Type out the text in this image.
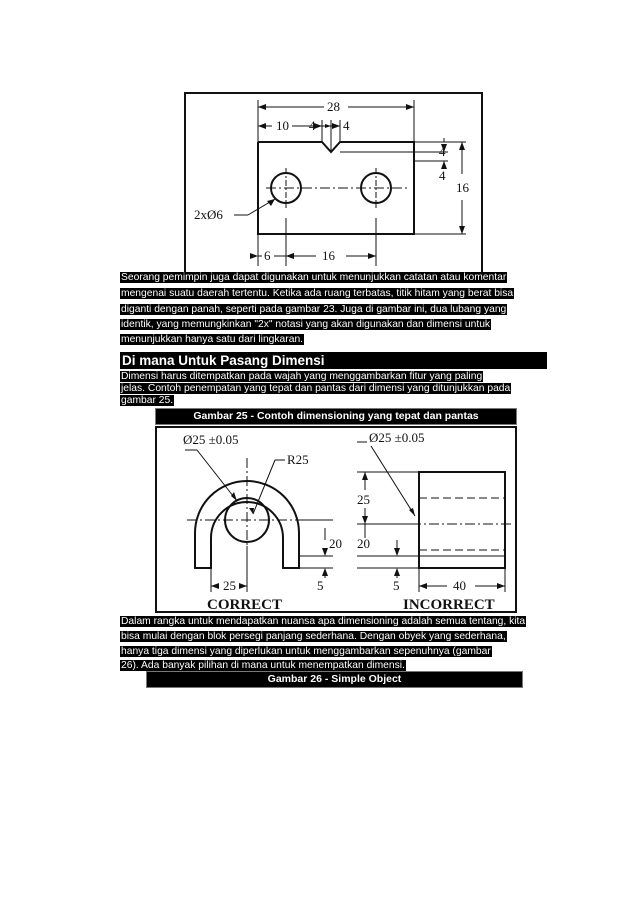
28
10 4 4
4
4
16
2xØ6
6	16
Seorang pemimpin juga dapat digunakan untuk menunjukkan catatan atau komentar
mengenai suatu daerah tertentu. Ketika ada ruang terbatas, titik hitam yang berat bisa
diganti dengan panah, seperti pada gambar 23. Juga di gambar ini, dua lubang yang
identik, yang memungkinkan "2x" notasi yang akan digunakan dan dimensi untuk
menunjukkan hanya satu dari lingkaran.
Di mana Untuk Pasang Dimensi
Dimensi harus ditempatkan pada wajah yang menggambarkan fitur yang paling
jelas. Contoh penempatan yang tepat dan pantas dari dimensi yang ditunjukkan pada
gambar 25.
Gambar 25 - Contoh dimensioning yang tepat dan pantas
Ø25 ±0.05
R25
20
5
25
CORRECT
Ø25 ±0.05
25
20
5	40
INCORRECT
Dalam rangka untuk mendapatkan nuansa apa dimensioning adalah semua tentang, kita
bisa mulai dengan blok persegi panjang sederhana. Dengan obyek yang sederhana,
hanya tiga dimensi yang diperlukan untuk menggambarkan sepenuhnya (gambar
26). Ada banyak pilihan di mana untuk menempatkan dimensi.
Gambar 26 - Simple Object
